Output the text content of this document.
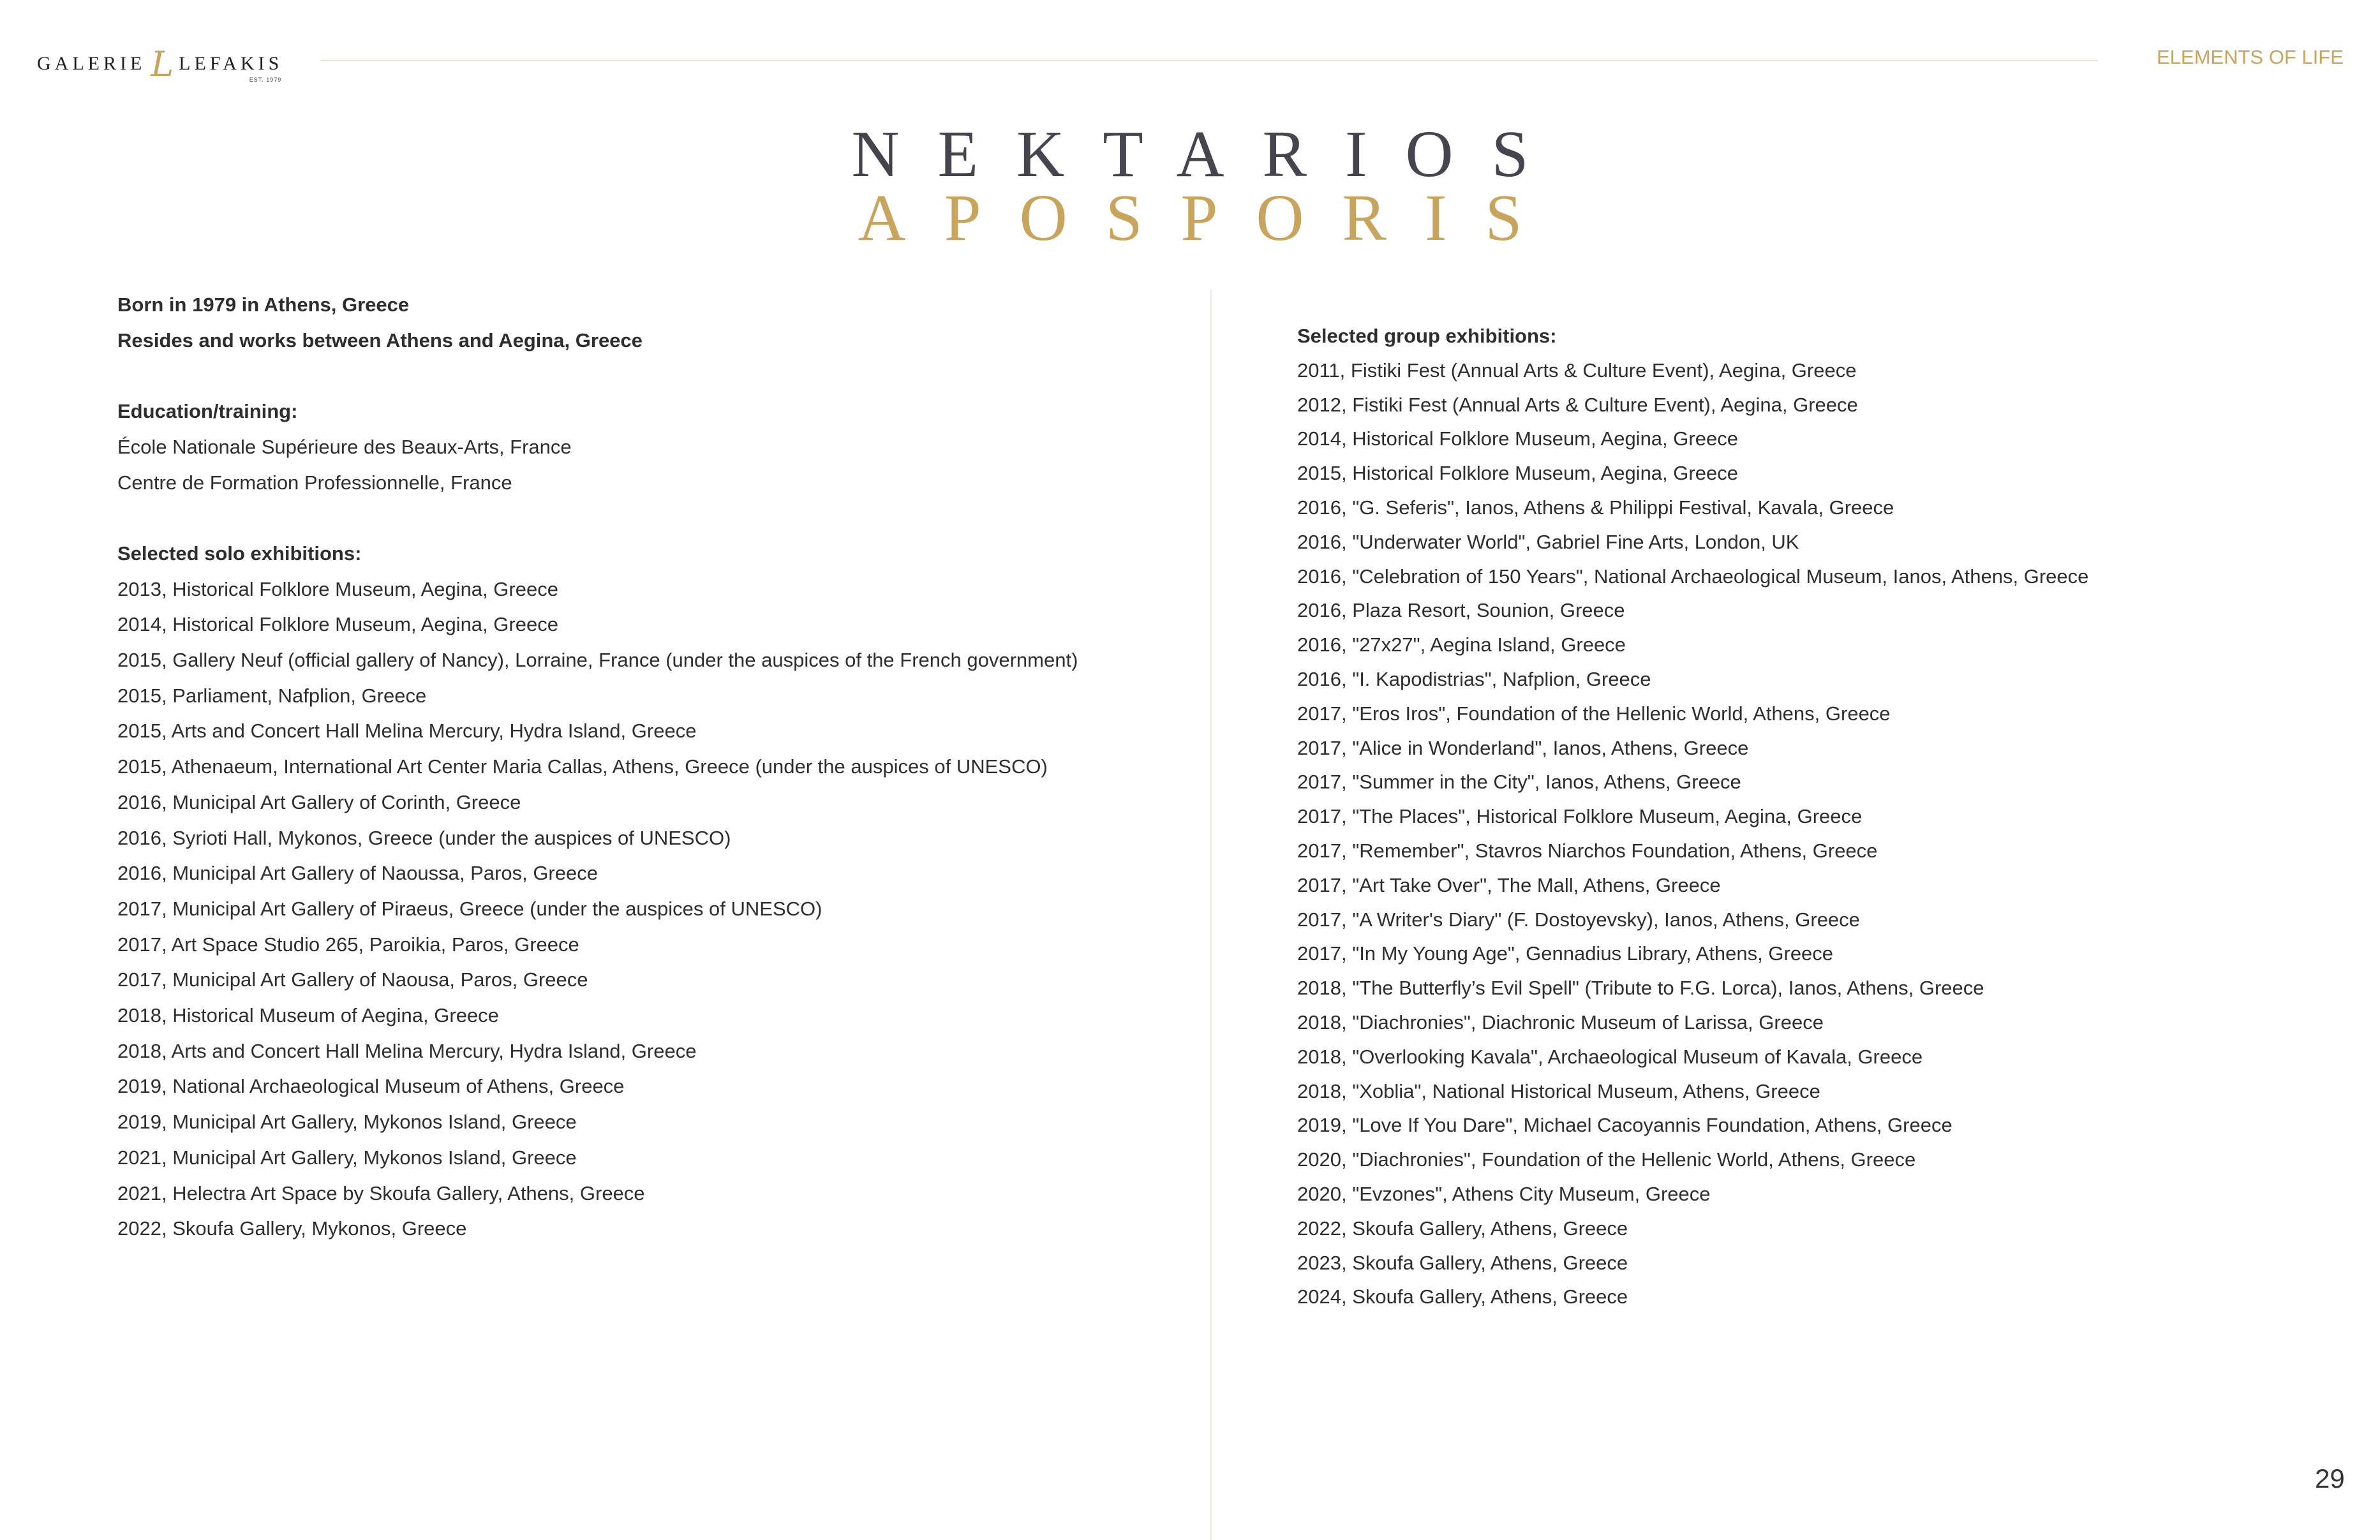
GALERIE L LEFAKIS
EST. 1979
ELEMENTS OF LIFE
NEKTARIOS
APOSPORIS
Born in 1979 in Athens, Greece
Resides and works between Athens and Aegina, Greece
Education/training:
École Nationale Supérieure des Beaux-Arts, France
Centre de Formation Professionnelle, France
Selected solo exhibitions:
2013, Historical Folklore Museum, Aegina, Greece
2014, Historical Folklore Museum, Aegina, Greece
2015, Gallery Neuf (official gallery of Nancy), Lorraine, France (under the auspices of the French government)
2015, Parliament, Nafplion, Greece
2015, Arts and Concert Hall Melina Mercury, Hydra Island, Greece
2015, Athenaeum, International Art Center Maria Callas, Athens, Greece (under the auspices of UNESCO)
2016, Municipal Art Gallery of Corinth, Greece
2016, Syrioti Hall, Mykonos, Greece (under the auspices of UNESCO)
2016, Municipal Art Gallery of Naoussa, Paros, Greece
2017, Municipal Art Gallery of Piraeus, Greece (under the auspices of UNESCO)
2017, Art Space Studio 265, Paroikia, Paros, Greece
2017, Municipal Art Gallery of Naousa, Paros, Greece
2018, Historical Museum of Aegina, Greece
2018, Arts and Concert Hall Melina Mercury, Hydra Island, Greece
2019, National Archaeological Museum of Athens, Greece
2019, Municipal Art Gallery, Mykonos Island, Greece
2021, Municipal Art Gallery, Mykonos Island, Greece
2021, Helectra Art Space by Skoufa Gallery, Athens, Greece
2022, Skoufa Gallery, Mykonos, Greece
Selected group exhibitions:
2011, Fistiki Fest (Annual Arts & Culture Event), Aegina, Greece
2012, Fistiki Fest (Annual Arts & Culture Event), Aegina, Greece
2014, Historical Folklore Museum, Aegina, Greece
2015, Historical Folklore Museum, Aegina, Greece
2016, "G. Seferis", Ianos, Athens & Philippi Festival, Kavala, Greece
2016, "Underwater World", Gabriel Fine Arts, London, UK
2016, "Celebration of 150 Years", National Archaeological Museum, Ianos, Athens, Greece
2016, Plaza Resort, Sounion, Greece
2016, "27x27", Aegina Island, Greece
2016, "I. Kapodistrias", Nafplion, Greece
2017, "Eros Iros", Foundation of the Hellenic World, Athens, Greece
2017, "Alice in Wonderland", Ianos, Athens, Greece
2017, "Summer in the City", Ianos, Athens, Greece
2017, "The Places", Historical Folklore Museum, Aegina, Greece
2017, "Remember", Stavros Niarchos Foundation, Athens, Greece
2017, "Art Take Over", The Mall, Athens, Greece
2017, "A Writer's Diary" (F. Dostoyevsky), Ianos, Athens, Greece
2017, "In My Young Age", Gennadius Library, Athens, Greece
2018, "The Butterfly’s Evil Spell" (Tribute to F.G. Lorca), Ianos, Athens, Greece
2018, "Diachronies", Diachronic Museum of Larissa, Greece
2018, "Overlooking Kavala", Archaeological Museum of Kavala, Greece
2018, "Xoblia", National Historical Museum, Athens, Greece
2019, "Love If You Dare", Michael Cacoyannis Foundation, Athens, Greece
2020, "Diachronies", Foundation of the Hellenic World, Athens, Greece
2020, "Evzones", Athens City Museum, Greece
2022, Skoufa Gallery, Athens, Greece
2023, Skoufa Gallery, Athens, Greece
2024, Skoufa Gallery, Athens, Greece
29
